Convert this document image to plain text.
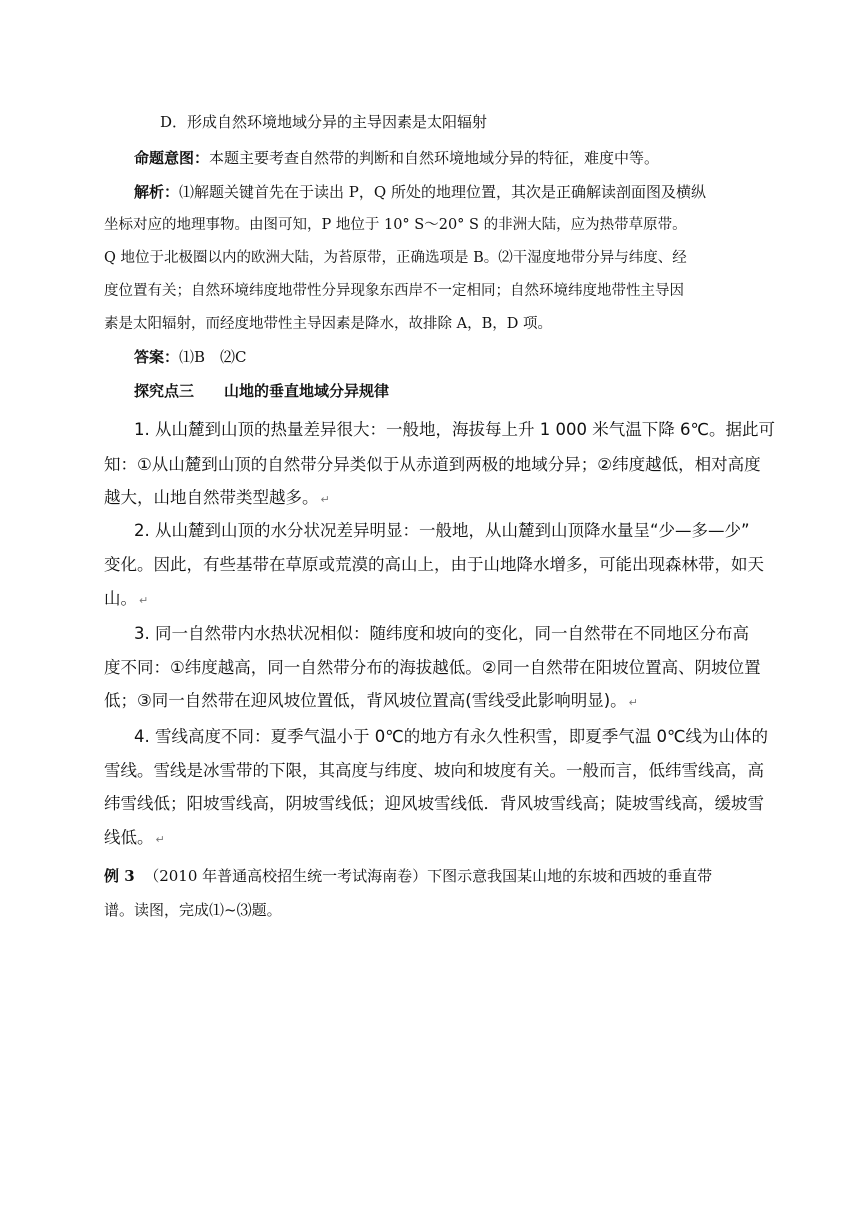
D．形成自然环境地域分异的主导因素是太阳辐射
命题意图：本题主要考查自然带的判断和自然环境地域分异的特征，难度中等。
解析：⑴解题关键首先在于读出 P，Q 所处的地理位置，其次是正确解读剖面图及横纵
坐标对应的地理事物。由图可知，P 地位于 10° S～20° S 的非洲大陆，应为热带草原带。
Q 地位于北极圈以内的欧洲大陆，为苔原带，正确选项是 B。⑵干湿度地带分异与纬度、经
度位置有关；自然环境纬度地带性分异现象东西岸不一定相同；自然环境纬度地带性主导因
素是太阳辐射，而经度地带性主导因素是降水，故排除 A，B，D 项。
答案：⑴B　⑵C
探究点三　　山地的垂直地域分异规律
1. 从山麓到山顶的热量差异很大：一般地，海拔每上升 1 000 米气温下降 6℃。据此可
知：①从山麓到山顶的自然带分异类似于从赤道到两极的地域分异；②纬度越低，相对高度
越大，山地自然带类型越多。 ↵
2. 从山麓到山顶的水分状况差异明显：一般地，从山麓到山顶降水量呈“少—多—少”
变化。因此，有些基带在草原或荒漠的高山上，由于山地降水增多，可能出现森林带，如天
山。 ↵
3. 同一自然带内水热状况相似：随纬度和坡向的变化，同一自然带在不同地区分布高
度不同：①纬度越高，同一自然带分布的海拔越低。②同一自然带在阳坡位置高、阴坡位置
低；③同一自然带在迎风坡位置低，背风坡位置高(雪线受此影响明显)。 ↵
4. 雪线高度不同：夏季气温小于 0℃的地方有永久性积雪，即夏季气温 0℃线为山体的
雪线。雪线是冰雪带的下限，其高度与纬度、坡向和坡度有关。一般而言，低纬雪线高，高
纬雪线低；阳坡雪线高，阴坡雪线低；迎风坡雪线低．背风坡雪线高；陡坡雪线高，缓坡雪
线低。 ↵
例 3 （2010 年普通高校招生统一考试海南卷）下图示意我国某山地的东坡和西坡的垂直带
谱。读图，完成⑴~⑶题。
